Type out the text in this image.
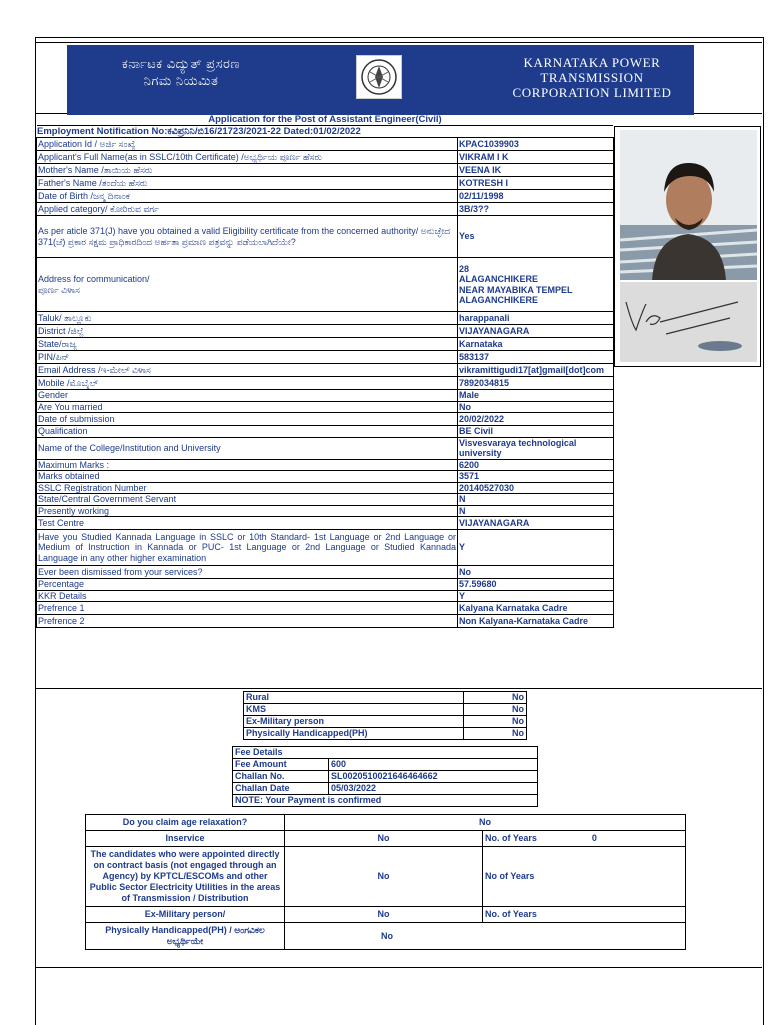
ಕರ್ನಾಟಕ ವಿದ್ಯುತ್ ಪ್ರಸರಣ
ನಿಗಮ ನಿಯಮಿತ
KARNATAKA POWER
TRANSMISSION
CORPORATION LIMITED
Application for the Post of Assistant Engineer(Civil)
Employment Notification No:ಕವಿಪ್ರನಿನಿ/ಬಿ16/21723/2021-22 Dated:01/02/2022
Application Id / ಅರ್ಜಿ ಸಂಖ್ಯೆ	KPAC1039903
Applicant's Full Name(as in SSLC/10th Certificate) /ಅಭ್ಯರ್ಥಿಯ ಪೂರ್ಣ ಹೆಸರು	VIKRAM I K
Mother's Name /ತಾಯಿಯ ಹೆಸರು	VEENA IK
Father's Name /ತಂದೆಯ ಹೆಸರು	KOTRESH I
Date of Birth /ಜನ್ಮ ದಿನಾಂಕ	02/11/1998
Applied category/ ಕೋರಿರುವ ವರ್ಗ	3B/3??
As per aticle 371(J) have you obtained a valid Eligibility certificate from the concerned authority/ ಅನುಚ್ಛೇದ 371(ಜೆ) ಪ್ರಕಾರ ಸಕ್ಷಮ ಪ್ರಾಧಿಕಾರದಿಂದ ಅರ್ಹತಾ ಪ್ರಮಾಣ ಪತ್ರವನ್ನು ಪಡೆಯಲಾಗಿದೆಯೇ?	Yes
Address for communication/
ಪೂರ್ಣ ವಿಳಾಸ	28
ALAGANCHIKERE
NEAR MAYABIKA TEMPEL
ALAGANCHIKERE
Taluk/ ತಾಲ್ಲೂಕು	harappanali
District /ಜಿಲ್ಲೆ	VIJAYANAGARA
State/ರಾಜ್ಯ	Karnataka
PIN/ಪಿನ್	583137
Email Address /ಇ-ಮೇಲ್ ವಿಳಾಸ	vikramittigudi17[at]gmail[dot]com
Mobile /ಮೊಬೈಲ್	7892034815
Gender	Male
Are You married	No
Date of submission	20/02/2022
Qualification	BE Civil
Name of the College/Institution and University	Visvesvaraya technological university
Maximum Marks :	6200
Marks obtained	3571
SSLC Registration Number	20140527030
State/Central Government Servant	N
Presently working	N
Test Centre	VIJAYANAGARA
Have you Studied Kannada Language in SSLC or 10th Standard- 1st Language or 2nd Language or Medium of Instruction in Kannada or PUC- 1st Language or 2nd Language or Studied Kannada Language in any other higher examination	Y
Ever been dismissed from your services?	No
Percentage	57.59680
KKR Details	Y
Prefrence 1	Kalyana Karnataka Cadre
Prefrence 2	Non Kalyana-Karnataka Cadre
Rural	No
KMS	No
Ex-Military person	No
Physically Handicapped(PH)	No
Fee Details	
Fee Amount	600
Challan No.	SL0020510021646464662
Challan Date	05/03/2022
NOTE: Your Payment is confirmed	
Do you claim age relaxation?	No	
Inservice	No	No. of Years 0
The candidates who were appointed directly on contract basis (not engaged through an Agency) by KPTCL/ESCOMs and other Public Sector Electricity Utilities in the areas of Transmission / Distribution	No	No of Years
Ex-Military person/	No	No. of Years
Physically Handicapped(PH) / ಅಂಗವಿಕಲ ಅಭ್ಯರ್ಥಿಯೇ	No	
